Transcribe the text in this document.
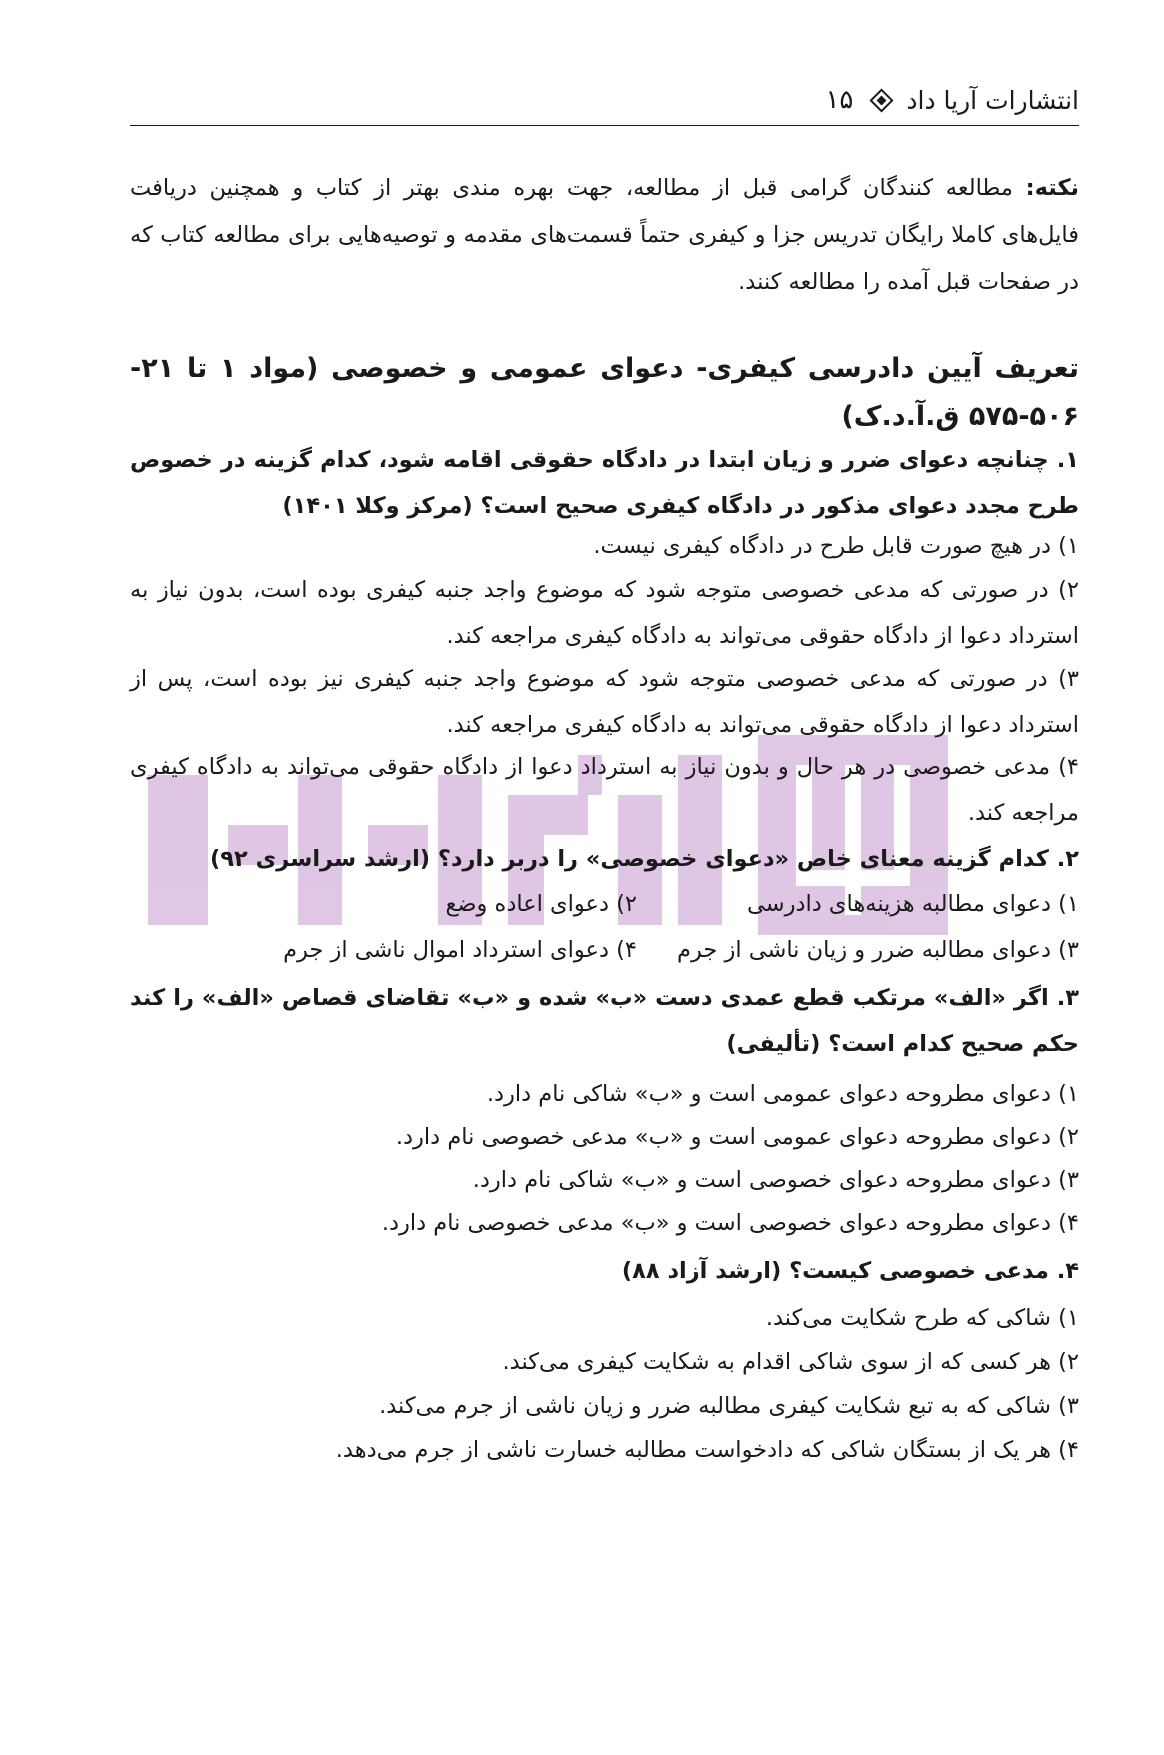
انتشارات آریا داد
۱۵
نکته: مطالعه کنندگان گرامی قبل از مطالعه، جهت بهره مندی بهتر از کتاب و همچنین دریافت فایل‌های کاملا رایگان تدریس جزا و کیفری حتماً قسمت‌های مقدمه و توصیه‌هایی برای مطالعه کتاب که در صفحات قبل آمده را مطالعه کنند.
تعریف آیین دادرسی کیفری- دعوای عمومی و خصوصی (مواد ۱ تا ۲۱- ۵۰۶-۵۷۵ ق.آ.د.ک)
۱. چنانچه دعوای ضرر و زیان ابتدا در دادگاه حقوقی اقامه شود، کدام گزینه در خصوص طرح مجدد دعوای مذکور در دادگاه کیفری صحیح است؟ (مرکز وکلا ۱۴۰۱)
۱) در هیچ صورت قابل طرح در دادگاه کیفری نیست.
۲) در صورتی که مدعی خصوصی متوجه شود که موضوع واجد جنبه کیفری بوده است، بدون نیاز به استرداد دعوا از دادگاه حقوقی می‌تواند به دادگاه کیفری مراجعه کند.
۳) در صورتی که مدعی خصوصی متوجه شود که موضوع واجد جنبه کیفری نیز بوده است، پس از استرداد دعوا از دادگاه حقوقی می‌تواند به دادگاه کیفری مراجعه کند.
۴) مدعی خصوصی در هر حال و بدون نیاز به استرداد دعوا از دادگاه حقوقی می‌تواند به دادگاه کیفری مراجعه کند.
۲. کدام گزینه معنای خاص «دعوای خصوصی» را دربر دارد؟ (ارشد سراسری ۹۲)
۱) دعوای مطالبه هزینه‌های دادرسی
۲) دعوای اعاده وضع
۳) دعوای مطالبه ضرر و زیان ناشی از جرم
۴) دعوای استرداد اموال ناشی از جرم
۳. اگر «الف» مرتکب قطع عمدی دست «ب» شده و «ب» تقاضای قصاص «الف» را کند حکم صحیح کدام است؟ (تألیفی)
۱) دعوای مطروحه دعوای عمومی است و «ب» شاکی نام دارد.
۲) دعوای مطروحه دعوای عمومی است و «ب» مدعی خصوصی نام دارد.
۳) دعوای مطروحه دعوای خصوصی است و «ب» شاکی نام دارد.
۴) دعوای مطروحه دعوای خصوصی است و «ب» مدعی خصوصی نام دارد.
۴. مدعی خصوصی کیست؟ (ارشد آزاد ۸۸)
۱) شاکی که طرح شکایت می‌کند.
۲) هر کسی که از سوی شاکی اقدام به شکایت کیفری می‌کند.
۳) شاکی که به تبع شکایت کیفری مطالبه ضرر و زیان ناشی از جرم می‌کند.
۴) هر یک از بستگان شاکی که دادخواست مطالبه خسارت ناشی از جرم می‌دهد.
